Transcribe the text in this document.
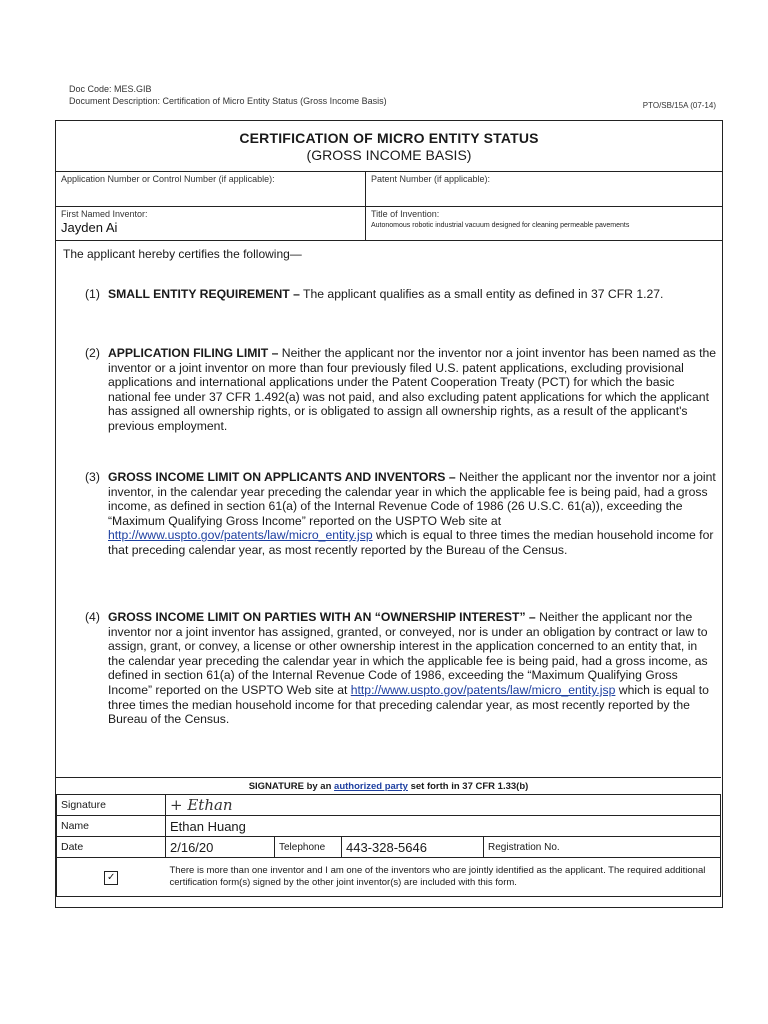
Doc Code: MES.GIB
Document Description: Certification of Micro Entity Status (Gross Income Basis)	PTO/SB/15A (07-14)
CERTIFICATION OF MICRO ENTITY STATUS
(GROSS INCOME BASIS)
Application Number or Control Number (if applicable):	Patent Number (if applicable):
First Named Inventor:
Jayden Ai
Title of Invention:
Autonomous robotic industrial vacuum designed for cleaning permeable pavements
The applicant hereby certifies the following—
(1) SMALL ENTITY REQUIREMENT – The applicant qualifies as a small entity as defined in 37 CFR 1.27.
(2) APPLICATION FILING LIMIT – Neither the applicant nor the inventor nor a joint inventor has been named as the inventor or a joint inventor on more than four previously filed U.S. patent applications, excluding provisional applications and international applications under the Patent Cooperation Treaty (PCT) for which the basic national fee under 37 CFR 1.492(a) was not paid, and also excluding patent applications for which the applicant has assigned all ownership rights, or is obligated to assign all ownership rights, as a result of the applicant's previous employment.
(3) GROSS INCOME LIMIT ON APPLICANTS AND INVENTORS – Neither the applicant nor the inventor nor a joint inventor, in the calendar year preceding the calendar year in which the applicable fee is being paid, had a gross income, as defined in section 61(a) of the Internal Revenue Code of 1986 (26 U.S.C. 61(a)), exceeding the “Maximum Qualifying Gross Income” reported on the USPTO Web site at http://www.uspto.gov/patents/law/micro_entity.jsp which is equal to three times the median household income for that preceding calendar year, as most recently reported by the Bureau of the Census.
(4) GROSS INCOME LIMIT ON PARTIES WITH AN “OWNERSHIP INTEREST” – Neither the applicant nor the inventor nor a joint inventor has assigned, granted, or conveyed, nor is under an obligation by contract or law to assign, grant, or convey, a license or other ownership interest in the application concerned to an entity that, in the calendar year preceding the calendar year in which the applicable fee is being paid, had a gross income, as defined in section 61(a) of the Internal Revenue Code of 1986, exceeding the “Maximum Qualifying Gross Income” reported on the USPTO Web site at http://www.uspto.gov/patents/law/micro_entity.jsp which is equal to three times the median household income for that preceding calendar year, as most recently reported by the Bureau of the Census.
SIGNATURE by an authorized party set forth in 37 CFR 1.33(b)
Signature	+ Ethan			
Name	Ethan Huang			
Date	2/16/20	Telephone	443-328-5646	Registration No.
✓	There is more than one inventor and I am one of the inventors who are jointly identified as the applicant. The required additional certification form(s) signed by the other joint inventor(s) are included with this form.			
